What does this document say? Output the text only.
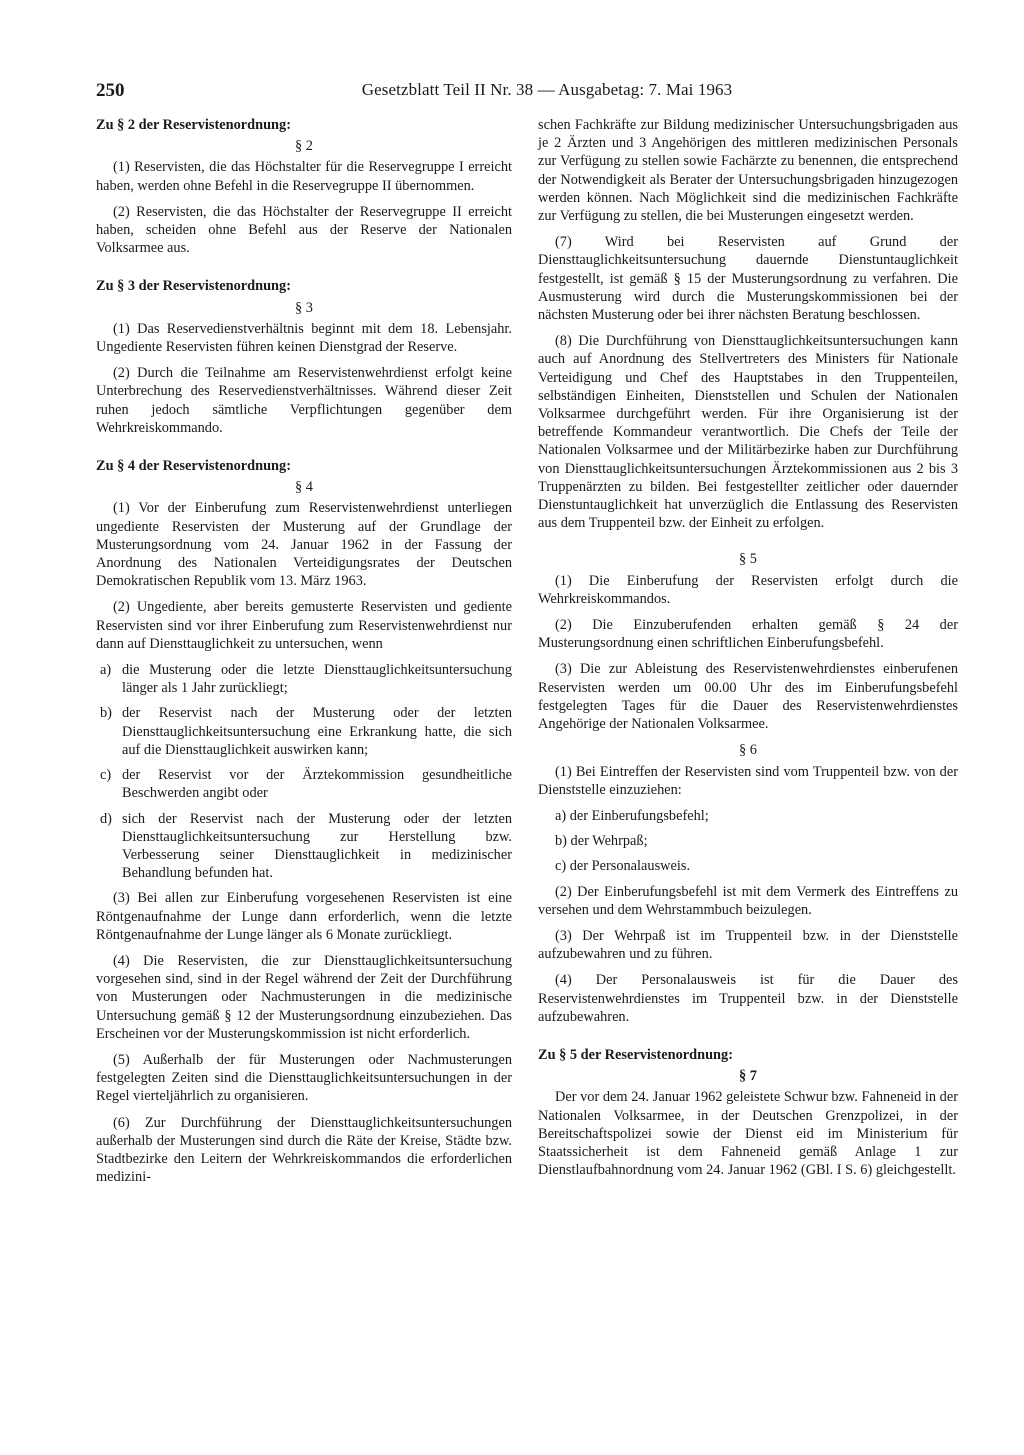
250	Gesetzblatt Teil II Nr. 38 — Ausgabetag: 7. Mai 1963
Zu § 2 der Reservistenordnung:
§ 2

(1) Reservisten, die das Höchstalter für die Reservegruppe I erreicht haben, werden ohne Befehl in die Reservegruppe II übernommen.

(2) Reservisten, die das Höchstalter der Reservegruppe II erreicht haben, scheiden ohne Befehl aus der Reserve der Nationalen Volksarmee aus.

Zu § 3 der Reservistenordnung:
§ 3

(1) Das Reservedienstverhältnis beginnt mit dem 18. Lebensjahr. Ungediente Reservisten führen keinen Dienstgrad der Reserve.

(2) Durch die Teilnahme am Reservistenwehrdienst erfolgt keine Unterbrechung des Reservedienstverhältnisses. Während dieser Zeit ruhen jedoch sämtliche Verpflichtungen gegenüber dem Wehrkreiskommando.

Zu § 4 der Reservistenordnung:
§ 4

(1) Vor der Einberufung zum Reservistenwehrdienst unterliegen ungediente Reservisten der Musterung auf der Grundlage der Musterungsordnung vom 24. Januar 1962 in der Fassung der Anordnung des Nationalen Verteidigungsrates der Deutschen Demokratischen Republik vom 13. März 1963.

(2) Ungediente, aber bereits gemusterte Reservisten und gediente Reservisten sind vor ihrer Einberufung zum Reservistenwehrdienst nur dann auf Diensttauglichkeit zu untersuchen, wenn

a) die Musterung oder die letzte Diensttauglichkeitsuntersuchung länger als 1 Jahr zurückliegt;
b) der Reservist nach der Musterung oder der letzten Diensttauglichkeitsuntersuchung eine Erkrankung hatte, die sich auf die Diensttauglichkeit auswirken kann;
c) der Reservist vor der Ärztekommission gesundheitliche Beschwerden angibt oder
d) sich der Reservist nach der Musterung oder der letzten Diensttauglichkeitsuntersuchung zur Herstellung bzw. Verbesserung seiner Diensttauglichkeit in medizinischer Behandlung befunden hat.

(3) Bei allen zur Einberufung vorgesehenen Reservisten ist eine Röntgenaufnahme der Lunge dann erforderlich, wenn die letzte Röntgenaufnahme der Lunge länger als 6 Monate zurückliegt.

(4) Die Reservisten, die zur Diensttauglichkeitsuntersuchung vorgesehen sind, sind in der Regel während der Zeit der Durchführung von Musterungen oder Nachmusterungen in die medizinische Untersuchung gemäß § 12 der Musterungsordnung einzubeziehen. Das Erscheinen vor der Musterungskommission ist nicht erforderlich.

(5) Außerhalb der für Musterungen oder Nachmusterungen festgelegten Zeiten sind die Diensttauglichkeitsuntersuchungen in der Regel vierteljährlich zu organisieren.

(6) Zur Durchführung der Diensttauglichkeitsuntersuchungen außerhalb der Musterungen sind durch die Räte der Kreise, Städte bzw. Stadtbezirke den Leitern der Wehrkreiskommandos die erforderlichen medizini-

schen Fachkräfte zur Bildung medizinischer Untersuchungsbrigaden aus je 2 Ärzten und 3 Angehörigen des mittleren medizinischen Personals zur Verfügung zu stellen sowie Fachärzte zu benennen, die entsprechend der Notwendigkeit als Berater der Untersuchungsbrigaden hinzugezogen werden können. Nach Möglichkeit sind die medizinischen Fachkräfte zur Verfügung zu stellen, die bei Musterungen eingesetzt werden.

(7) Wird bei Reservisten auf Grund der Diensttauglichkeitsuntersuchung dauernde Dienstuntauglichkeit festgestellt, ist gemäß § 15 der Musterungsordnung zu verfahren. Die Ausmusterung wird durch die Musterungskommissionen bei der nächsten Musterung oder bei ihrer nächsten Beratung beschlossen.

(8) Die Durchführung von Diensttauglichkeitsuntersuchungen kann auch auf Anordnung des Stellvertreters des Ministers für Nationale Verteidigung und Chef des Hauptstabes in den Truppenteilen, selbständigen Einheiten, Dienststellen und Schulen der Nationalen Volksarmee durchgeführt werden. Für ihre Organisierung ist der betreffende Kommandeur verantwortlich. Die Chefs der Teile der Nationalen Volksarmee und der Militärbezirke haben zur Durchführung von Diensttauglichkeitsuntersuchungen Ärztekommissionen aus 2 bis 3 Truppenärzten zu bilden. Bei festgestellter zeitlicher oder dauernder Dienstuntauglichkeit hat unverzüglich die Entlassung des Reservisten aus dem Truppenteil bzw. der Einheit zu erfolgen.

§ 5

(1) Die Einberufung der Reservisten erfolgt durch die Wehrkreiskommandos.

(2) Die Einzuberufenden erhalten gemäß § 24 der Musterungsordnung einen schriftlichen Einberufungsbefehl.

(3) Die zur Ableistung des Reservistenwehrdienstes einberufenen Reservisten werden um 00.00 Uhr des im Einberufungsbefehl festgelegten Tages für die Dauer des Reservistenwehrdienstes Angehörige der Nationalen Volksarmee.

§ 6

(1) Bei Eintreffen der Reservisten sind vom Truppenteil bzw. von der Dienststelle einzuziehen:

a) der Einberufungsbefehl;
b) der Wehrpaß;
c) der Personalausweis.

(2) Der Einberufungsbefehl ist mit dem Vermerk des Eintreffens zu versehen und dem Wehrstammbuch beizulegen.

(3) Der Wehrpaß ist im Truppenteil bzw. in der Dienststelle aufzubewahren und zu führen.

(4) Der Personalausweis ist für die Dauer des Reservistenwehrdienstes im Truppenteil bzw. in der Dienststelle aufzubewahren.

Zu § 5 der Reservistenordnung:
§ 7

Der vor dem 24. Januar 1962 geleistete Schwur bzw. Fahneneid in der Nationalen Volksarmee, in der Deutschen Grenzpolizei, in der Bereitschaftspolizei sowie der Dienst eid im Ministerium für Staatssicherheit ist dem Fahneneid gemäß Anlage 1 zur Dienstlaufbahnordnung vom 24. Januar 1962 (GBl. I S. 6) gleichgestellt.
